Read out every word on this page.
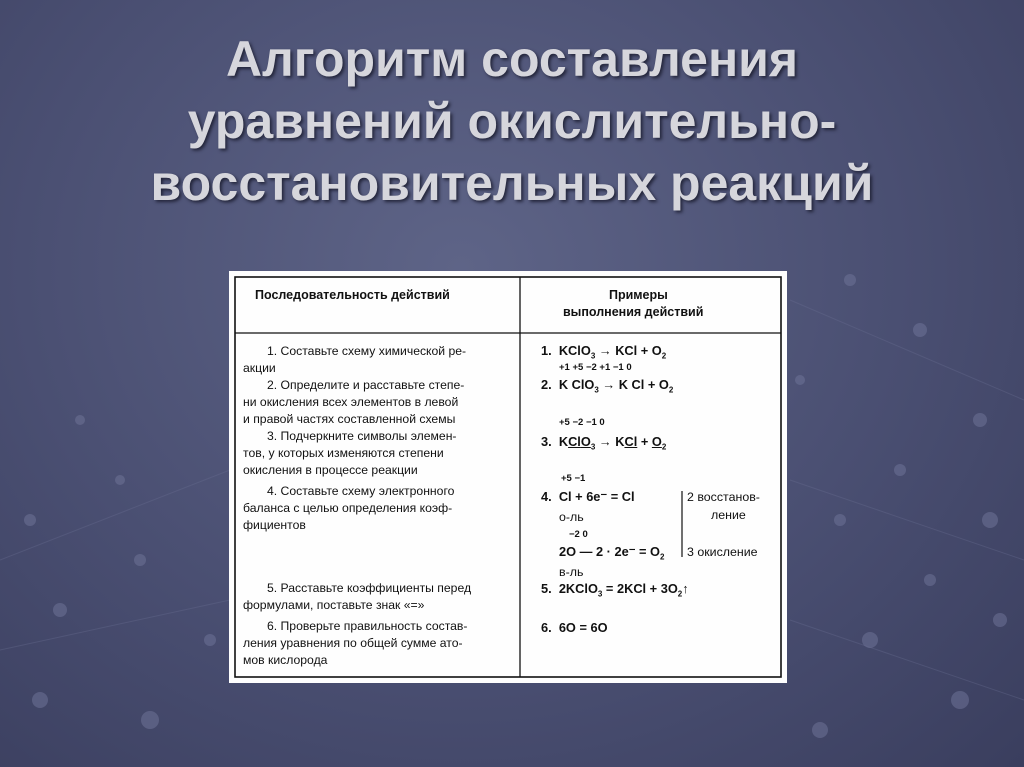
Алгоритм составления
уравнений окислительно-
восстановительных реакций
Последовательность действий	Примеры
выполнения действий
1. Составьте схему химической ре-
акции
2. Определите и расставьте степе-
ни окисления всех элементов в левой
и правой частях составленной схемы
3. Подчеркните символы элемен-
тов, у которых изменяются степени
окисления в процессе реакции
4. Составьте схему электронного
баланса с целью определения коэф-
фициентов
5. Расставьте коэффициенты перед
формулами, поставьте знак «=»
6. Проверьте правильность состав-
ления уравнения по общей сумме ато-
мов кислорода
1. KClO$_3$ → KCl + $O_2$
+1 +5 −2 +1 −1 0
2. K ClO$_3$ → K $Cl + O_2$
+5 −2 −1 0
3. KClO$_3$ → KCl + $O_2$
+5 −1
4. Cl + 6e⁻ = Cl
о-ль
−2 0
2O — $2 \cdot 2e^- = O_2$
в-ль
2 восстанов-
ление
3 окисление
5. 2KClO$_3$ = $2KCl + 3O_2↑$
6. 6O = 6O
